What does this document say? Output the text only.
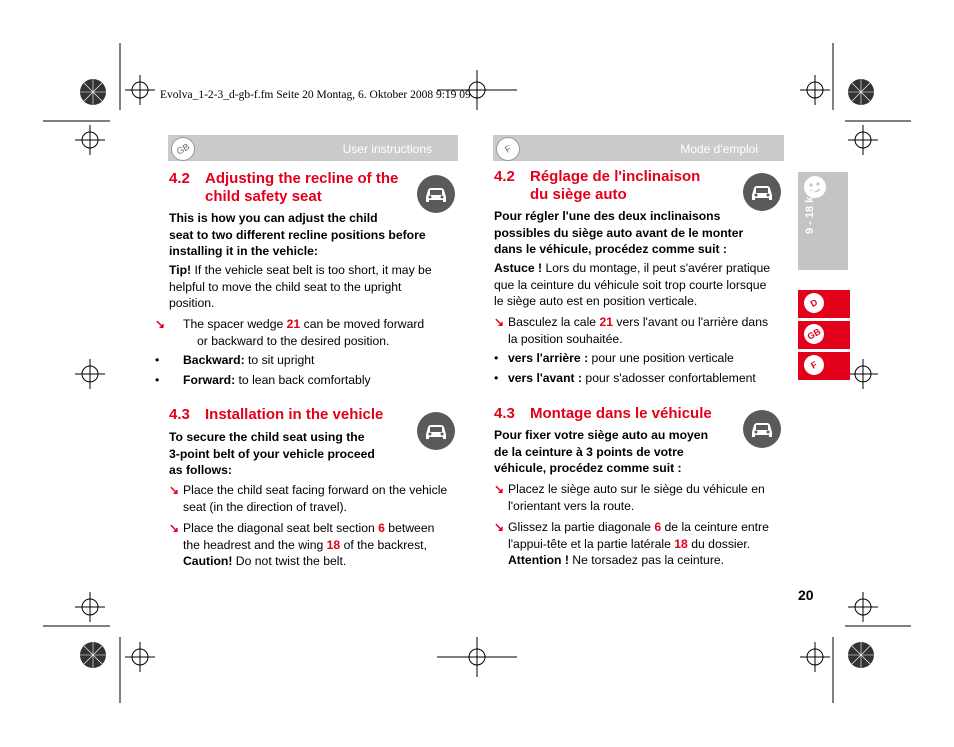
Evolva_1-2-3_d-gb-f.fm Seite 20 Montag, 6. Oktober 2008 9:19 09
GB	User instructions
4.2 Adjusting the recline of the
child safety seat
This is how you can adjust the child
seat to two different recline positions before
installing it in the vehicle:
Tip! If the vehicle seat belt is too short, it may be
helpful to move the child seat to the upright
position.
↘ The spacer wedge 21 can be moved forward
or backward to the desired position.
• Backward: to sit upright
• Forward: to lean back comfortably
4.3 Installation in the vehicle
To secure the child seat using the
3-point belt of your vehicle proceed
as follows:
↘ Place the child seat facing forward on the vehicle
seat (in the direction of travel).
↘ Place the diagonal seat belt section 6 between
the headrest and the wing 18 of the backrest,
Caution! Do not twist the belt.
F	Mode d'emploi
4.2 Réglage de l'inclinaison
du siège auto
Pour régler l'une des deux inclinaisons
possibles du siège auto avant de le monter
dans le véhicule, procédez comme suit :
Astuce ! Lors du montage, il peut s'avérer pratique
que la ceinture du véhicule soit trop courte lorsque
le siège auto est en position verticale.
↘ Basculez la cale 21 vers l'avant ou l'arrière dans
la position souhaitée.
• vers l'arrière : pour une position verticale
• vers l'avant : pour s'adosser confortablement
4.3 Montage dans le véhicule
Pour fixer votre siège auto au moyen
de la ceinture à 3 points de votre
véhicule, procédez comme suit :
↘ Placez le siège auto sur le siège du véhicule en
l'orientant vers la route.
↘ Glissez la partie diagonale 6 de la ceinture entre
l'appui-tête et la partie latérale 18 du dossier.
Attention ! Ne torsadez pas la ceinture.
9 - 18 kg
D
GB
F
20
